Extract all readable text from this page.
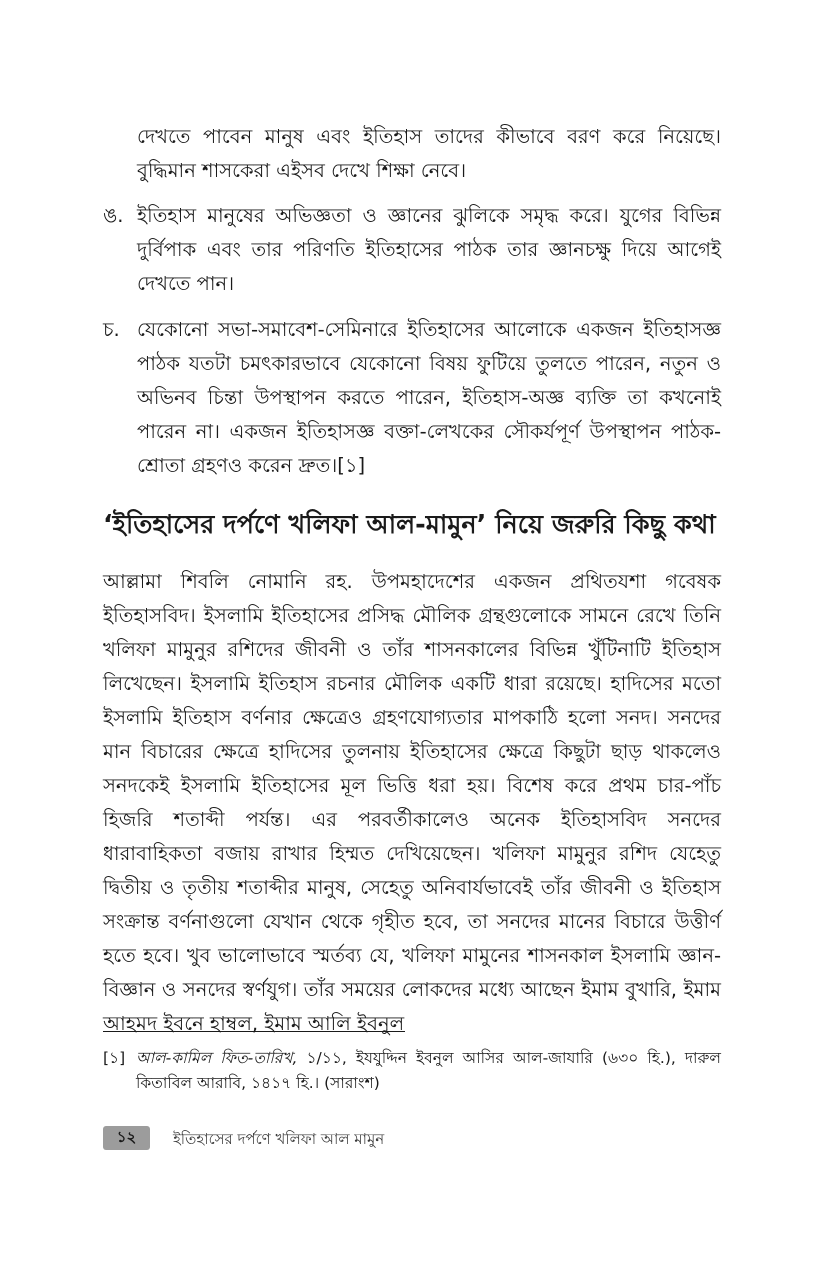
দেখতে পাবেন মানুষ এবং ইতিহাস তাদের কীভাবে বরণ করে নিয়েছে। বুদ্ধিমান শাসকেরা এইসব দেখে শিক্ষা নেবে।

ঙ. ইতিহাস মানুষের অভিজ্ঞতা ও জ্ঞানের ঝুলিকে সমৃদ্ধ করে। যুগের বিভিন্ন দুর্বিপাক এবং তার পরিণতি ইতিহাসের পাঠক তার জ্ঞানচক্ষু দিয়ে আগেই দেখতে পান।

চ. যেকোনো সভা-সমাবেশ-সেমিনারে ইতিহাসের আলোকে একজন ইতিহাসজ্ঞ পাঠক যতটা চমৎকারভাবে যেকোনো বিষয় ফুটিয়ে তুলতে পারেন, নতুন ও অভিনব চিন্তা উপস্থাপন করতে পারেন, ইতিহাস-অজ্ঞ ব্যক্তি তা কখনোই পারেন না। একজন ইতিহাসজ্ঞ বক্তা-লেখকের সৌকর্যপূর্ণ উপস্থাপন পাঠক-শ্রোতা গ্রহণও করেন দ্রুত।[১]

‘ইতিহাসের দর্পণে খলিফা আল-মামুন’ নিয়ে জরুরি কিছু কথা

আল্লামা শিবলি নোমানি রহ. উপমহাদেশের একজন প্রথিতযশা গবেষক ইতিহাসবিদ। ইসলামি ইতিহাসের প্রসিদ্ধ মৌলিক গ্রন্থগুলোকে সামনে রেখে তিনি খলিফা মামুনুর রশিদের জীবনী ও তাঁর শাসনকালের বিভিন্ন খুঁটিনাটি ইতিহাস লিখেছেন। ইসলামি ইতিহাস রচনার মৌলিক একটি ধারা রয়েছে। হাদিসের মতো ইসলামি ইতিহাস বর্ণনার ক্ষেত্রেও গ্রহণযোগ্যতার মাপকাঠি হলো সনদ। সনদের মান বিচারের ক্ষেত্রে হাদিসের তুলনায় ইতিহাসের ক্ষেত্রে কিছুটা ছাড় থাকলেও সনদকেই ইসলামি ইতিহাসের মূল ভিত্তি ধরা হয়। বিশেষ করে প্রথম চার-পাঁচ হিজরি শতাব্দী পর্যন্ত। এর পরবর্তীকালেও অনেক ইতিহাসবিদ সনদের ধারাবাহিকতা বজায় রাখার হিম্মত দেখিয়েছেন। খলিফা মামুনুর রশিদ যেহেতু দ্বিতীয় ও তৃতীয় শতাব্দীর মানুষ, সেহেতু অনিবার্যভাবেই তাঁর জীবনী ও ইতিহাস সংক্রান্ত বর্ণনাগুলো যেখান থেকে গৃহীত হবে, তা সনদের মানের বিচারে উত্তীর্ণ হতে হবে। খুব ভালোভাবে স্মর্তব্য যে, খলিফা মামুনের শাসনকাল ইসলামি জ্ঞান-বিজ্ঞান ও সনদের স্বর্ণযুগ। তাঁর সময়ের লোকদের মধ্যে আছেন ইমাম বুখারি, ইমাম আহমদ ইবনে হাম্বল, ইমাম আলি ইবনুল

[১] আল-কামিল ফিত-তারিখ, ১/১১, ইযযুদ্দিন ইবনুল আসির আল-জাযারি (৬৩০ হি.), দারুল কিতাবিল আরাবি, ১৪১৭ হি.। (সারাংশ)

১২	ইতিহাসের দর্পণে খলিফা আল মামুন
